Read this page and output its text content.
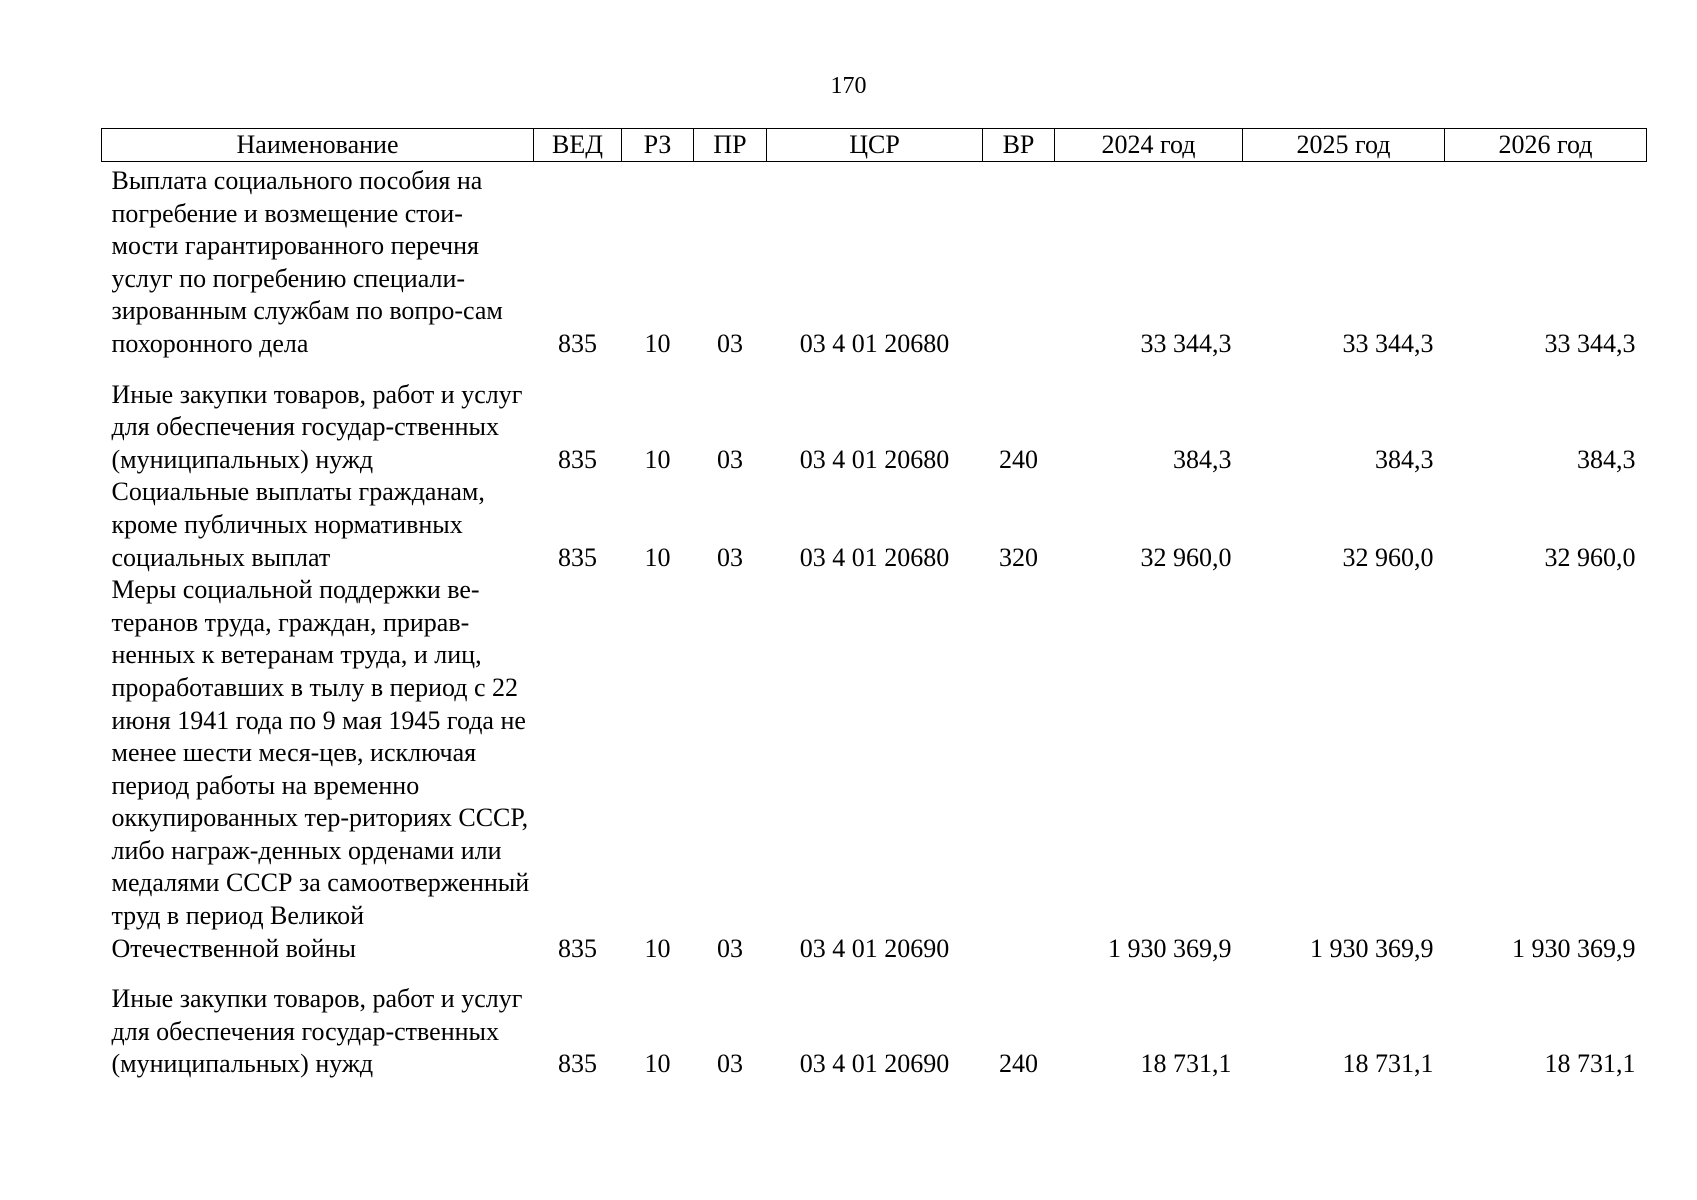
170
Наименование	ВЕД	РЗ	ПР	ЦСР	ВР	2024 год	2025 год	2026 год
Выплата социального пособия на погребение и возмещение стои-мости гарантированного перечня услуг по погребению специали-зированным службам по вопро-сам похоронного дела	835	10	03	03 4 01 20680		33 344,3	33 344,3	33 344,3
Иные закупки товаров, работ и услуг для обеспечения государ-ственных (муниципальных) нужд	835	10	03	03 4 01 20680	240	384,3	384,3	384,3
Социальные выплаты гражданам, кроме публичных нормативных социальных выплат	835	10	03	03 4 01 20680	320	32 960,0	32 960,0	32 960,0
Меры социальной поддержки ве-теранов труда, граждан, прирав-ненных к ветеранам труда, и лиц, проработавших в тылу в период с 22 июня 1941 года по 9 мая 1945 года не менее шести меся-цев, исключая период работы на временно оккупированных тер-риториях СССР, либо награж-денных орденами или медалями СССР за самоотверженный труд в период Великой Отечественной войны	835	10	03	03 4 01 20690		1 930 369,9	1 930 369,9	1 930 369,9
Иные закупки товаров, работ и услуг для обеспечения государ-ственных (муниципальных) нужд	835	10	03	03 4 01 20690	240	18 731,1	18 731,1	18 731,1
